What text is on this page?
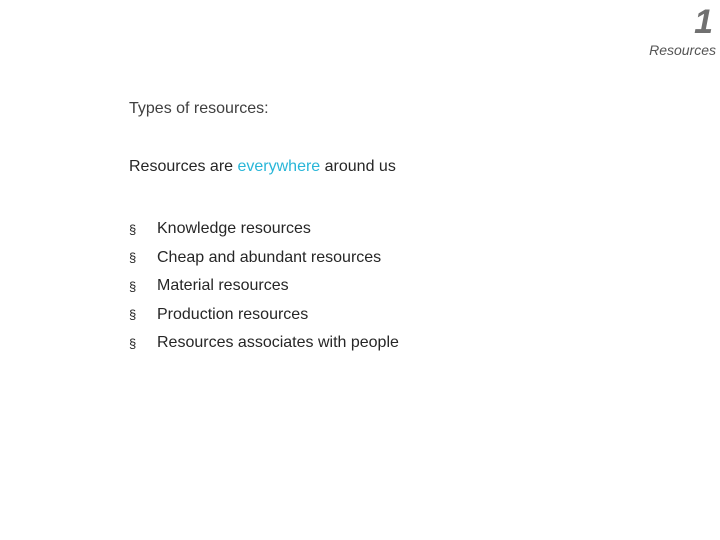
1
Resources
Types of resources:

Resources are everywhere around us

§	Knowledge resources
§	Cheap and abundant resources
§	Material resources
§	Production resources
§	Resources associates with people
